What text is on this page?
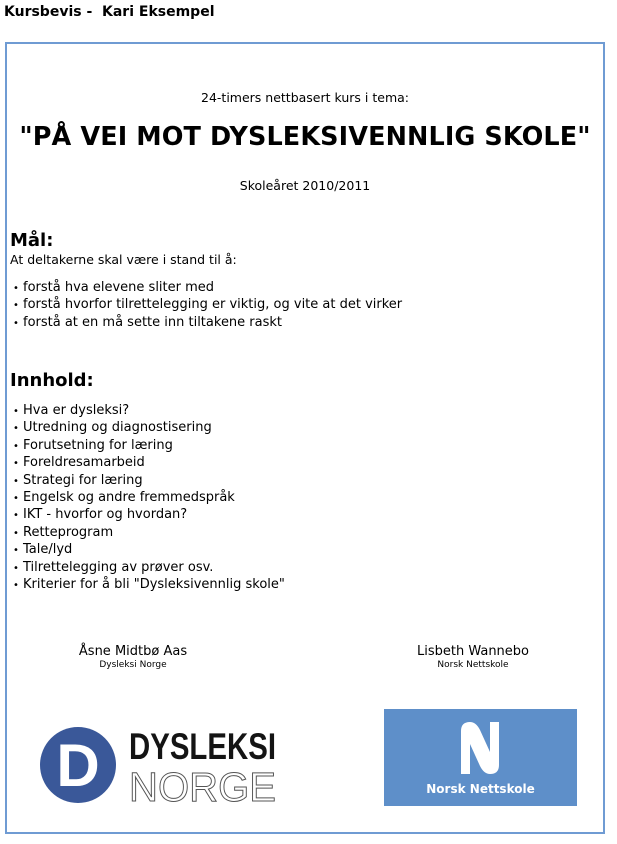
Kursbevis -  Kari Eksempel
24-timers nettbasert kurs i tema:
"PÅ VEI MOT DYSLEKSIVENNLIG SKOLE"
Skoleåret 2010/2011
Mål:
At deltakerne skal være i stand til å:
• forstå hva elevene sliter med
• forstå hvorfor tilrettelegging er viktig, og vite at det virker
• forstå at en må sette inn tiltakene raskt
Innhold:
• Hva er dysleksi?
• Utredning og diagnostisering
• Forutsetning for læring
• Foreldresamarbeid
• Strategi for læring
• Engelsk og andre fremmedspråk
• IKT - hvorfor og hvordan?
• Retteprogram
• Tale/lyd
• Tilrettelegging av prøver osv.
• Kriterier for å bli "Dysleksivennlig skole"
Åsne Midtbø Aas
Dysleksi Norge
Lisbeth Wannebo
Norsk Nettskole
D DYSLEKSI
NORGE	Norsk Nettskole
